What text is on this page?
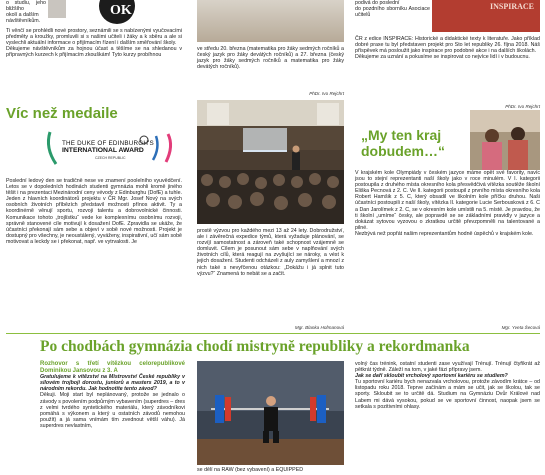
o studiu, jeho bližšího

okolí a dalším

návštěvníkům.

OK

Ti věnčí se prohlédli nové prostory, seznámili se s nabízenými vyučovacími předměty a kroužky, promluvili si s našimi učiteli i žáky a k sběru a ale si vyslechli aktuální informace o přijímacím řízení i dalším směřování školy.

Děkujeme návštěvníkům za hojnou účast a těšíme se na shledanou v přípravných kurzech k přijímacím zkouškám! Tyto kurzy probíhnou

Víc než medaile
THE DUKE OF EDINBURGH'S
INTERNATIONAL AWARD
CZECH REPUBLIC

Poslední ledový den se tradičně nese ve znamení poolelního vyuvědčení. Letos se v dopoledních hodinách studenti gymnázia mohli kromě jiného těšit i na prezentaci Mezinárodní ceny vévody z Edinburghu (DofE) a tuhle. Jeden z hlavních koordinátorů projektu v ČR Mgr. Josef Nový na svých osobních životních příbězích představil možnosti přínos aktivit. Ty a koordinérně věnují sportu, rozvoji talentu a dobrovolnické činnosti. Komunikace tohoto „trojlístku“ vede ke komplexnímu osobnímu rozvoji, správně stanovené cíle motivují k dosažení DofE. Zpravidla se ukáže, že účastníci překonají sám sebe a objeví v sobě nové možnosti. Projekt je dostupný pro všechny, je neoustálený, vyváženy, inspirativní, učí sám sobě motivovat a leckdy se i překonat, např. ve vytrvalosti. Je

ve středu 20. března (matematika pro žáky sedmých ročníků a český jazyk pro žáky devátých ročníků) a 27. března (český jazyk pro žáky sedmých ročníků a matematika pro žáky devátých ročníků).

PhDr. Ivo Rejchrt

prostě výzvou pro každého mezi 13 až 24 lety. Dobrodružství, ale i závěrečná expedice týmů, která vyžaduje plánování, se rozvíjí samostatnost a zároveň také schopnost vzájemně se domluvit. Cílem je posunout sám sebe v naplňování svých životních cílů, která reagují na zvyšující se nároky, a vést k jejich dosažení. Studenti odcházeli z auly zamyšlení a mnozí z nich také s nevyřčenou otázkou: „Dokážu i já splnit tuto výzvu?“ Znamená to nebát se a začít.

Mgr. Blanka Hofmanová
INSPIRACE

podivá do poslední

do pozdního sborníku Asociace učitelů

ČR z edice INSPIRACE: Historické a didaktické texty k literatuře. Jako příklad dobré praxe tu byl představen projekt pro Sto let republiky 26. října 2018. Náš příspěvek má posloužit jako inspirace pro podobné akce i na dalších školách.

Děkujeme za uznání a pokusíme se inspirovat co nejvíce lidí i v budoucnu.

PhDr. Ivo Rejchrt
„My ten kraj dobudem…“

V krajském kole Olympiády v českém jazyce máme opět své favority, navíc jsou to stejní reprezentanti naší školy jako v roce minulém. V I. kategorii postoupila z druhého místa okresního kola přesvědčivá vítězka soutěže školní Eliška Pecnová z 2. C. Ve II. kategorii postoupil z prvního místa okresního kola Robert Hamšik z 5. C, který obsadil ve školním kole příčku druhou. Naši účastníci postoupili z naší školy, vítězka II. kategorie Lucie Serbousková z 6. C a Dan Jarolímek z 2. C, se v okresním kole umístili na 5. místě. Je pravdou, že ti školní „umíme“ česky, ale popravdě se se základními pravidly v jazyce a dokázat sytovou vyzovou o zkratkou určitě převzpomněli na talentované a pilné.

Nezbývá než popřát našim reprezentantům hodně úspěchů v krajském kole.

Mgr. Yveta Šecová
Po chodbách gymnázia chodí mistryně republiky a rekordmanka

Rozhovor s třetí vítězkou celorepublikové Dominikou Jansovou z 3. A

Gratulujeme k vítězství na Mistrovství České republiky v silovém trojboji dorostu, juniorů a masters 2019, a to v národním rekordu. Jak hodnotíte tento závod?

Děkuji. Moji start byl neplánovaný, protože se jednalo o závody s povolením podpůrným vybavením (superdres – dres z velmi tvrdého syntetického materiálu, který závodníkovi pomáhá s výkonem a který u ostatních závodů nemohou použít) a já sama vnímám tím zvednout větší váhu). Já superdres nevlastním,

se dělí na RAW (bez vybavení) a EQUIPPED

volný čas trénink, ostatní studenti zase využívají Trénují. Trénují čtyřikrát až pětkrát týdně. Záleží na tom, v jaké fázi přípravy jsem.

Jak se daří skloubit vrcholový sportovní kariéru se studiem?

Tu sportovní kariéru bych nenazvala vrcholovou, protože závodím krátce – od listopadu roku 2018. Teprve začínám a mám se učit, jak se školou, tak se sporty. Skloubit se to určitě dá. Studium na Gymnáziu Dvůr Králové nad Labem mi dává vysokou, pokud se ve sportovní činnost, naopak jsem se setkala s pozitivními ohlasy.
